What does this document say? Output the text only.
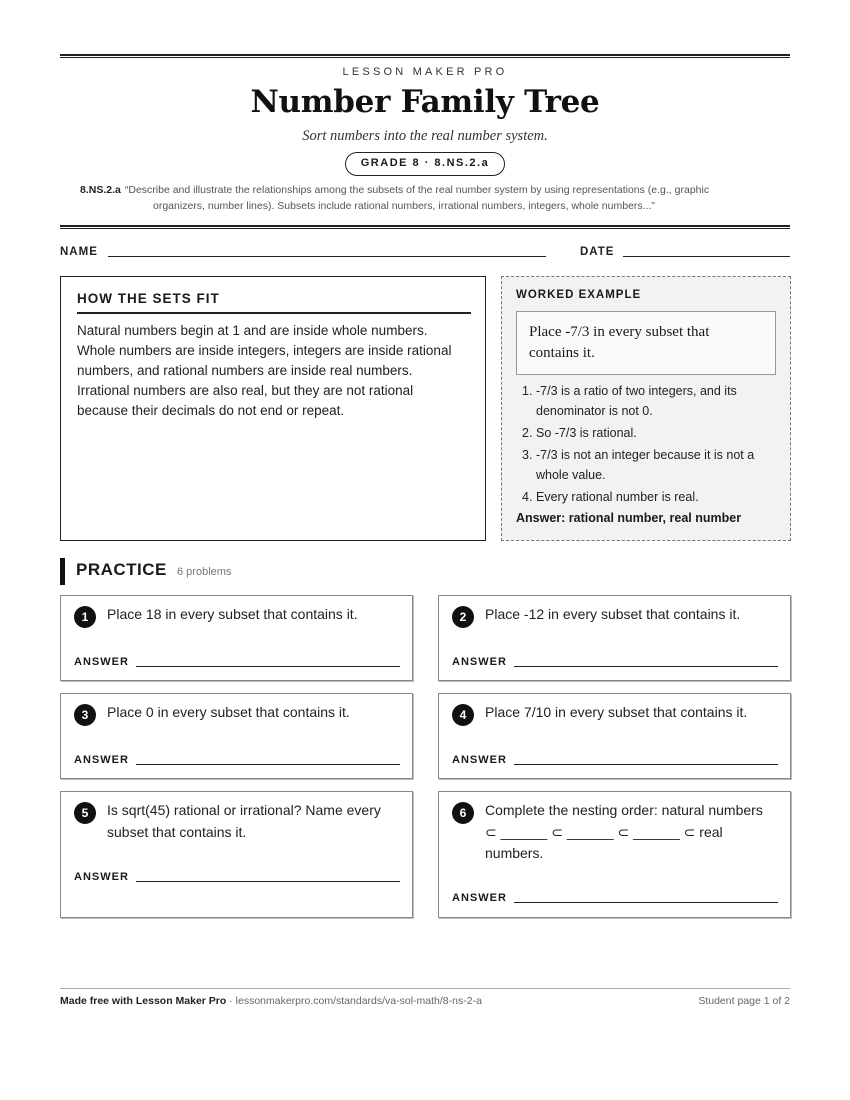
LESSON MAKER PRO
Number Family Tree
Sort numbers into the real number system.
GRADE 8 · 8.NS.2.a
8.NS.2.a “Describe and illustrate the relationships among the subsets of the real number system by using representations (e.g., graphic
organizers, number lines). Subsets include rational numbers, irrational numbers, integers, whole numbers...”
NAME	DATE
HOW THE SETS FIT
Natural numbers begin at 1 and are inside whole numbers. Whole numbers are inside integers, integers are inside rational numbers, and rational numbers are inside real numbers. Irrational numbers are also real, but they are not rational because their decimals do not end or repeat.
WORKED EXAMPLE
Place -7/3 in every subset that contains it.
1. -7/3 is a ratio of two integers, and its denominator is not 0.
2. So -7/3 is rational.
3. -7/3 is not an integer because it is not a whole value.
4. Every rational number is real.
Answer: rational number, real number
PRACTICE 6 problems
1	Place 18 in every subset that contains it.
ANSWER
2	Place -12 in every subset that contains it.
ANSWER
3	Place 0 in every subset that contains it.
ANSWER
4	Place 7/10 in every subset that contains it.
ANSWER
5	Is sqrt(45) rational or irrational? Name every subset that contains it.
ANSWER
6	Complete the nesting order: natural numbers ⊂ ______ ⊂ ______ ⊂ ______ ⊂ real numbers.
ANSWER
Made free with Lesson Maker Pro · lessonmakerpro.com/standards/va-sol-math/8-ns-2-a	Student page 1 of 2
